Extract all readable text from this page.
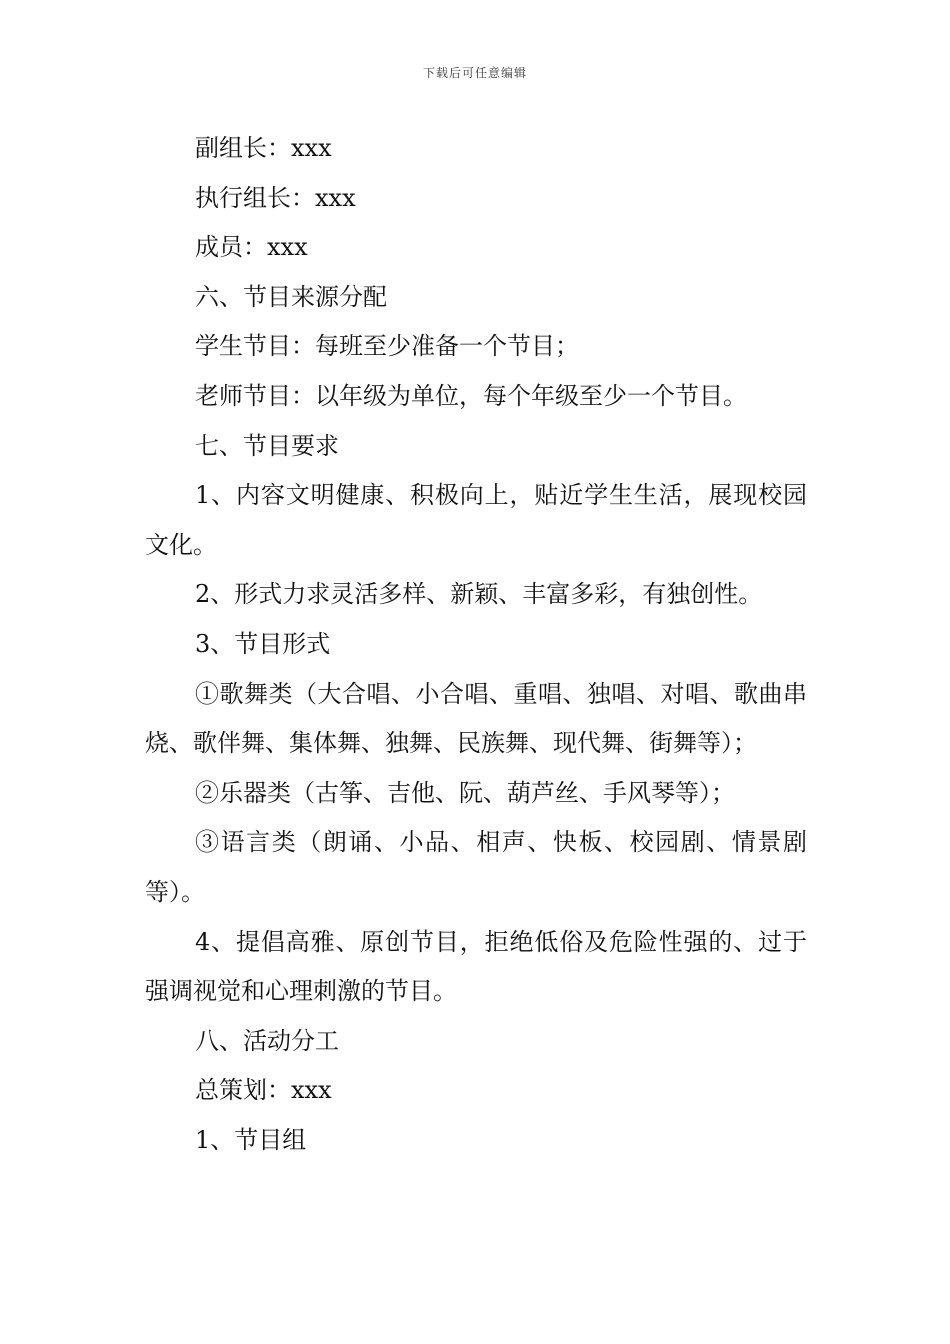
下载后可任意编辑

副组长：xxx

执行组长：xxx

成员：xxx

六、节目来源分配

学生节目：每班至少准备一个节目；

老师节目：以年级为单位，每个年级至少一个节目。

七、节目要求

1、内容文明健康、积极向上，贴近学生生活，展现校园文化。

2、形式力求灵活多样、新颖、丰富多彩，有独创性。

3、节目形式

①歌舞类（大合唱、小合唱、重唱、独唱、对唱、歌曲串烧、歌伴舞、集体舞、独舞、民族舞、现代舞、街舞等）；

②乐器类（古筝、吉他、阮、葫芦丝、手风琴等）；

③语言类（朗诵、小品、相声、快板、校园剧、情景剧等）。

4、提倡高雅、原创节目，拒绝低俗及危险性强的、过于强调视觉和心理刺激的节目。

八、活动分工

总策划：xxx

1、节目组
